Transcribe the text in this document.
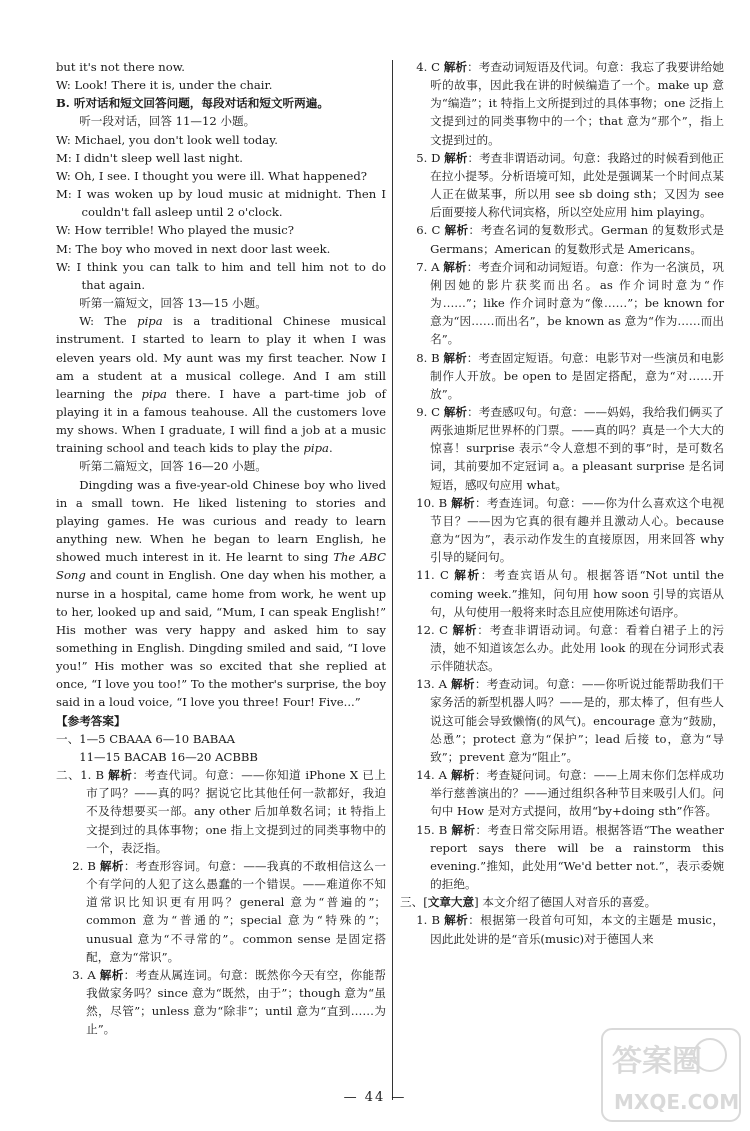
but it's not there now.

W: Look! There it is, under the chair.

B. 听对话和短文回答问题，每段对话和短文听两遍。

听一段对话，回答 11—12 小题。

W: Michael, you don't look well today.

M: I didn't sleep well last night.

W: Oh, I see. I thought you were ill. What happened?

M: I was woken up by loud music at midnight. Then I couldn't fall asleep until 2 o'clock.

W: How terrible! Who played the music?

M: The boy who moved in next door last week.

W: I think you can talk to him and tell him not to do that again.

听第一篇短文，回答 13—15 小题。

W: The pipa is a traditional Chinese musical instrument. I started to learn to play it when I was eleven years old. My aunt was my first teacher. Now I am a student at a musical college. And I am still learning the pipa there. I have a part-time job of playing it in a famous teahouse. All the customers love my shows. When I graduate, I will find a job at a music training school and teach kids to play the pipa.

听第二篇短文，回答 16—20 小题。

Dingding was a five-year-old Chinese boy who lived in a small town. He liked listening to stories and playing games. He was curious and ready to learn anything new. When he began to learn English, he showed much interest in it. He learnt to sing The ABC Song and count in English. One day when his mother, a nurse in a hospital, came home from work, he went up to her, looked up and said, “Mum, I can speak English!” His mother was very happy and asked him to say something in English. Dingding smiled and said, “I love you!” His mother was so excited that she replied at once, “I love you too!” To the mother's surprise, the boy said in a loud voice, “I love you three! Four! Five...”

【参考答案】

一、1—5 CBAAA 6—10 BABAA

11—15 BACAB 16—20 ACBBB

二、1. B 解析：考查代词。句意：——你知道 iPhone X 已上市了吗？——真的吗？据说它比其他任何一款都好，我迫不及待想要买一部。any other 后加单数名词；it 特指上文提到过的具体事物；one 指上文提到过的同类事物中的一个，表泛指。

2. B 解析：考查形容词。句意：——我真的不敢相信这么一个有学问的人犯了这么愚蠢的一个错误。——难道你不知道常识比知识更有用吗？general 意为“普遍的”；common 意为“普通的”；special 意为“特殊的”；unusual 意为“不寻常的”。common sense 是固定搭配，意为“常识”。

3. A 解析：考查从属连词。句意：既然你今天有空，你能帮我做家务吗？since 意为“既然，由于”；though 意为“虽然，尽管”；unless 意为“除非”；until 意为“直到……为止”。

4. C 解析：考查动词短语及代词。句意：我忘了我要讲给她听的故事，因此我在讲的时候编造了一个。make up 意为“编造”；it 特指上文所提到过的具体事物；one 泛指上文提到过的同类事物中的一个；that 意为“那个”，指上文提到过的。

5. D 解析：考查非谓语动词。句意：我路过的时候看到他正在拉小提琴。分析语境可知，此处是强调某一个时间点某人正在做某事，所以用 see sb doing sth；又因为 see 后面要接人称代词宾格，所以空处应用 him playing。

6. C 解析：考查名词的复数形式。German 的复数形式是 Germans；American 的复数形式是 Americans。

7. A 解析：考查介词和动词短语。句意：作为一名演员，巩俐因她的影片获奖而出名。as 作介词时意为“作为……”；like 作介词时意为“像……”；be known for 意为“因……而出名”，be known as 意为“作为……而出名”。

8. B 解析：考查固定短语。句意：电影节对一些演员和电影制作人开放。be open to 是固定搭配，意为“对……开放”。

9. C 解析：考查感叹句。句意：——妈妈，我给我们俩买了两张迪斯尼世界杯的门票。——真的吗？真是一个大大的惊喜！surprise 表示“令人意想不到的事”时，是可数名词，其前要加不定冠词 a。a pleasant surprise 是名词短语，感叹句应用 what。

10. B 解析：考查连词。句意：——你为什么喜欢这个电视节目？——因为它真的很有趣并且激动人心。because 意为“因为”，表示动作发生的直接原因，用来回答 why 引导的疑问句。

11. C 解析：考查宾语从句。根据答语“Not until the coming week.”推知，问句用 how soon 引导的宾语从句，从句使用一般将来时态且应使用陈述句语序。

12. C 解析：考查非谓语动词。句意：看着白裙子上的污渍，她不知道该怎么办。此处用 look 的现在分词形式表示伴随状态。

13. A 解析：考查动词。句意：——你听说过能帮助我们干家务活的新型机器人吗？——是的，那太棒了，但有些人说这可能会导致懒惰(的风气)。encourage 意为“鼓励，怂恿”；protect 意为“保护”；lead 后接 to，意为“导致”；prevent 意为“阻止”。

14. A 解析：考查疑问词。句意：——上周末你们怎样成功举行慈善演出的？——通过组织各种节目来吸引人们。问句中 How 是对方式提问，故用“by+doing sth”作答。

15. B 解析：考查日常交际用语。根据答语“The weather report says there will be a rainstorm this evening.”推知，此处用“We'd better not.”，表示委婉的拒绝。

三、[文章大意] 本文介绍了德国人对音乐的喜爱。

1. B 解析：根据第一段首句可知，本文的主题是 music，因此此处讲的是“音乐(music)对于德国人来

— 44 —
答案圈
MXQE.COM
